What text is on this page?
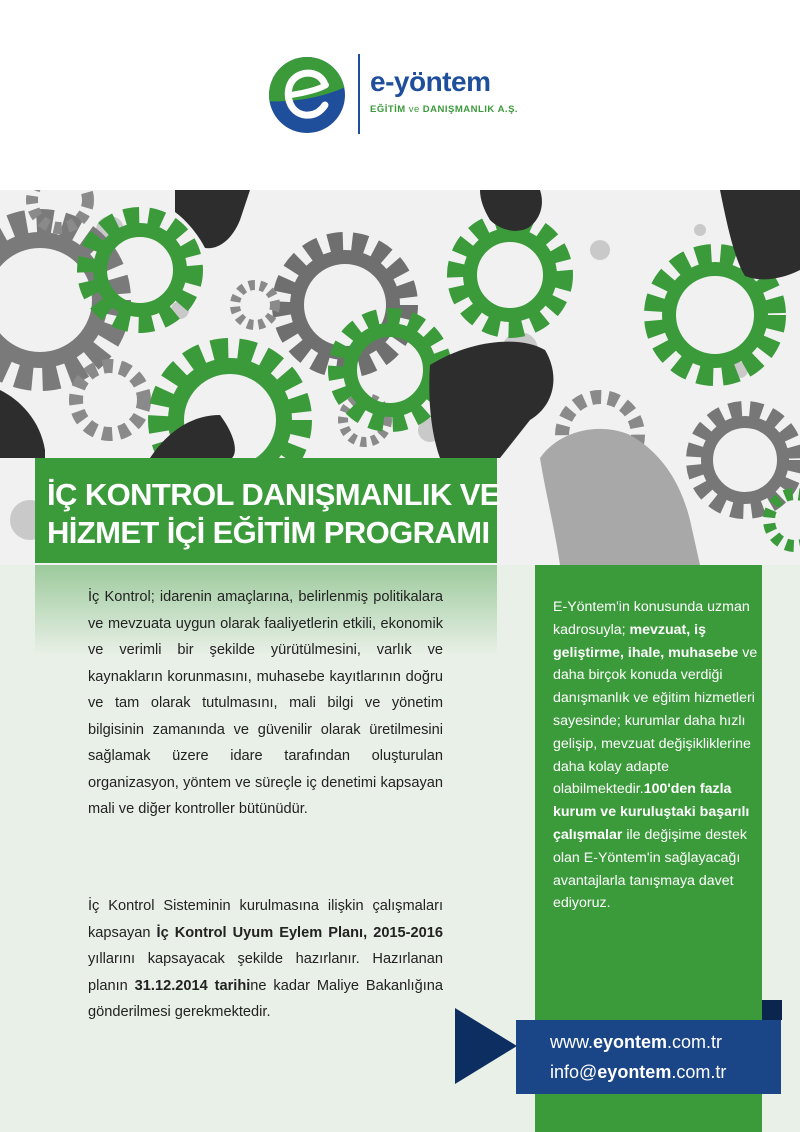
e-yöntem
EĞİTİM ve DANIŞMANLIK A.Ş.
İÇ KONTROL DANIŞMANLIK VE
HİZMET İÇİ EĞİTİM PROGRAMI
İç Kontrol; idarenin amaçlarına, belirlenmiş politikalara ve mevzuata uygun olarak faaliyetlerin etkili, ekonomik ve verimli bir şekilde yürütülmesini, varlık ve kaynakların korunmasını, muhasebe kayıtlarının doğru ve tam olarak tutulmasını, mali bilgi ve yönetim bilgisinin zamanında ve güvenilir olarak üretilmesini sağlamak üzere idare tarafından oluşturulan organizasyon, yöntem ve süreçle iç denetimi kapsayan mali ve diğer kontroller bütünüdür.
İç Kontrol Sisteminin kurulmasına ilişkin çalışmaları kapsayan İç Kontrol Uyum Eylem Planı, 2015-2016 yıllarını kapsayacak şekilde hazırlanır. Hazırlanan planın 31.12.2014 tarihine kadar Maliye Bakanlığına gönderilmesi gerekmektedir.
E-Yöntem'in konusunda uzman kadrosuyla; mevzuat, iş geliştirme, ihale, muhasebe ve daha birçok konuda verdiği danışmanlık ve eğitim hizmetleri sayesinde; kurumlar daha hızlı gelişip, mevzuat değişikliklerine daha kolay adapte olabilmektedir.100'den fazla kurum ve kuruluştaki başarılı çalışmalar ile değişime destek olan E-Yöntem'in sağlayacağı avantajlarla tanışmaya davet ediyoruz.
www.eyontem.com.tr
info@eyontem.com.tr
